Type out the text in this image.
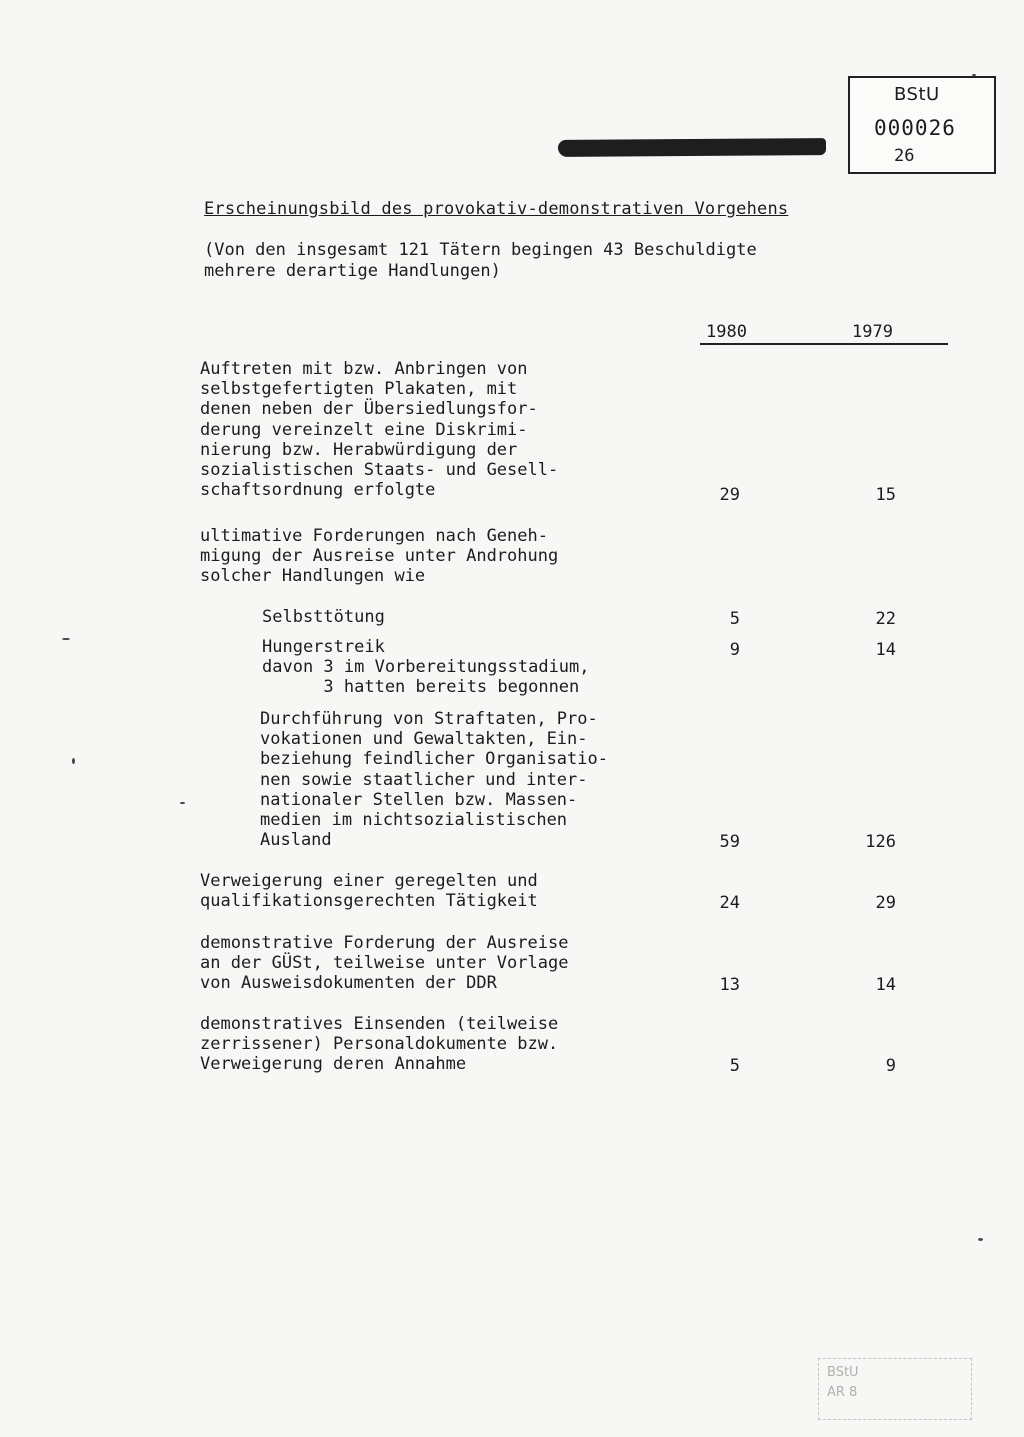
BStU
000026
26
Erscheinungsbild des provokativ-demonstrativen Vorgehens
(Von den insgesamt 121 Tätern begingen 43 Beschuldigte
mehrere derartige Handlungen)
1980	1979
Auftreten mit bzw. Anbringen von
selbstgefertigten Plakaten, mit
denen neben der Übersiedlungsfor-
derung vereinzelt eine Diskrimi-
nierung bzw. Herabwürdigung der
sozialistischen Staats- und Gesell-
schaftsordnung erfolgte	29	15
ultimative Forderungen nach Geneh-
migung der Ausreise unter Androhung
solcher Handlungen wie
Selbsttötung	5	22
Hungerstreik
davon 3 im Vorbereitungsstadium,
3 hatten bereits begonnen
9	14
Durchführung von Straftaten, Pro-
vokationen und Gewaltakten, Ein-
beziehung feindlicher Organisatio-
nen sowie staatlicher und inter-
nationaler Stellen bzw. Massen-
medien im nichtsozialistischen
Ausland	59	126
Verweigerung einer geregelten und
qualifikationsgerechten Tätigkeit	24	29
demonstrative Forderung der Ausreise
an der GÜSt, teilweise unter Vorlage
von Ausweisdokumenten der DDR	13	14
demonstratives Einsenden (teilweise
zerrissener) Personaldokumente bzw.
Verweigerung deren Annahme	5	9
BStU
AR 8
